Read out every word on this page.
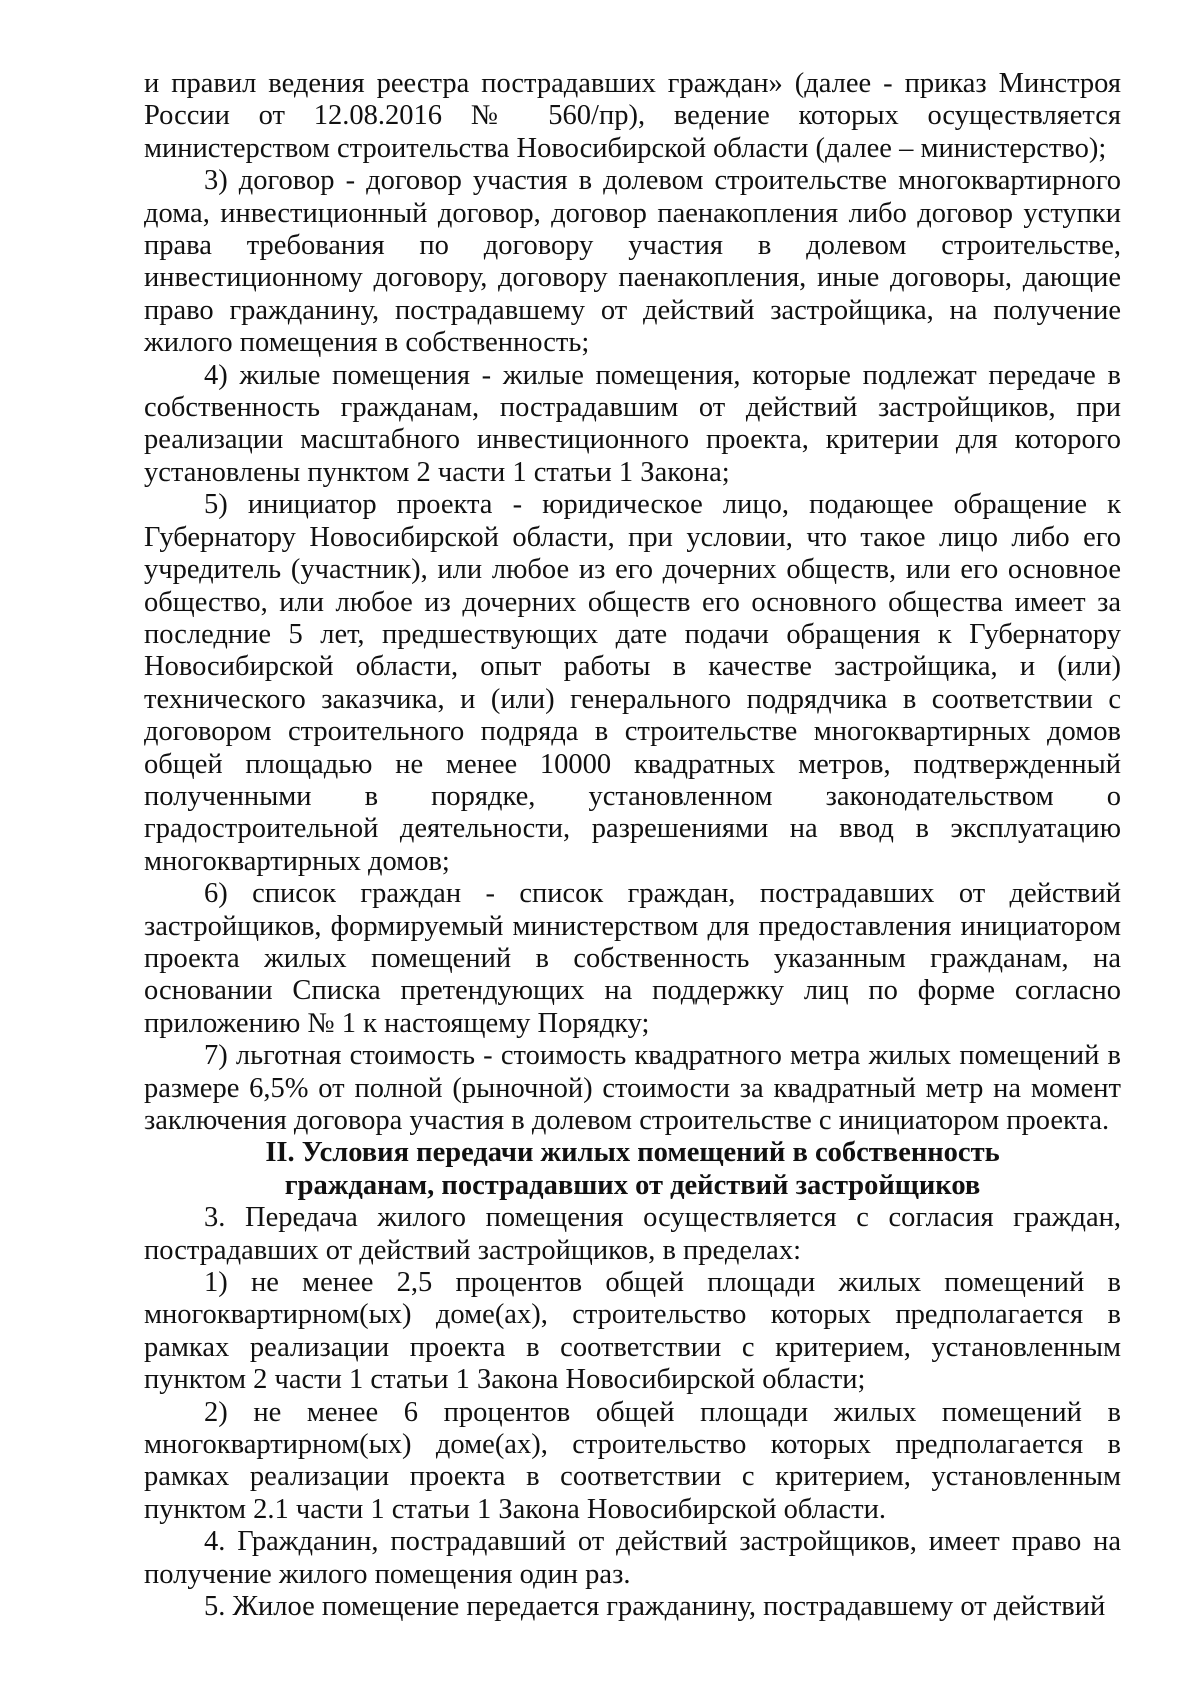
и правил ведения реестра пострадавших граждан» (далее - приказ Минстроя России от 12.08.2016 № 560/пр), ведение которых осуществляется министерством строительства Новосибирской области (далее – министерство);

3) договор - договор участия в долевом строительстве многоквартирного дома, инвестиционный договор, договор паенакопления либо договор уступки права требования по договору участия в долевом строительстве, инвестиционному договору, договору паенакопления, иные договоры, дающие право гражданину, пострадавшему от действий застройщика, на получение жилого помещения в собственность;

4) жилые помещения - жилые помещения, которые подлежат передаче в собственность гражданам, пострадавшим от действий застройщиков, при реализации масштабного инвестиционного проекта, критерии для которого установлены пунктом 2 части 1 статьи 1 Закона;

5) инициатор проекта - юридическое лицо, подающее обращение к Губернатору Новосибирской области, при условии, что такое лицо либо его учредитель (участник), или любое из его дочерних обществ, или его основное общество, или любое из дочерних обществ его основного общества имеет за последние 5 лет, предшествующих дате подачи обращения к Губернатору Новосибирской области, опыт работы в качестве застройщика, и (или) технического заказчика, и (или) генерального подрядчика в соответствии с договором строительного подряда в строительстве многоквартирных домов общей площадью не менее 10000 квадратных метров, подтвержденный полученными в порядке, установленном законодательством о градостроительной деятельности, разрешениями на ввод в эксплуатацию многоквартирных домов;

6) список граждан - список граждан, пострадавших от действий застройщиков, формируемый министерством для предоставления инициатором проекта жилых помещений в собственность указанным гражданам, на основании Списка претендующих на поддержку лиц по форме согласно приложению № 1 к настоящему Порядку;

7) льготная стоимость - стоимость квадратного метра жилых помещений в размере 6,5% от полной (рыночной) стоимости за квадратный метр на момент заключения договора участия в долевом строительстве с инициатором проекта.

II. Условия передачи жилых помещений в собственность

гражданам, пострадавших от действий застройщиков

3. Передача жилого помещения осуществляется с согласия граждан, пострадавших от действий застройщиков, в пределах:

1) не менее 2,5 процентов общей площади жилых помещений в многоквартирном(ых) доме(ах), строительство которых предполагается в рамках реализации проекта в соответствии с критерием, установленным пунктом 2 части 1 статьи 1 Закона Новосибирской области;

2) не менее 6 процентов общей площади жилых помещений в многоквартирном(ых) доме(ах), строительство которых предполагается в рамках реализации проекта в соответствии с критерием, установленным пунктом 2.1 части 1 статьи 1 Закона Новосибирской области.

4. Гражданин, пострадавший от действий застройщиков, имеет право на получение жилого помещения один раз.

5. Жилое помещение передается гражданину, пострадавшему от действий
